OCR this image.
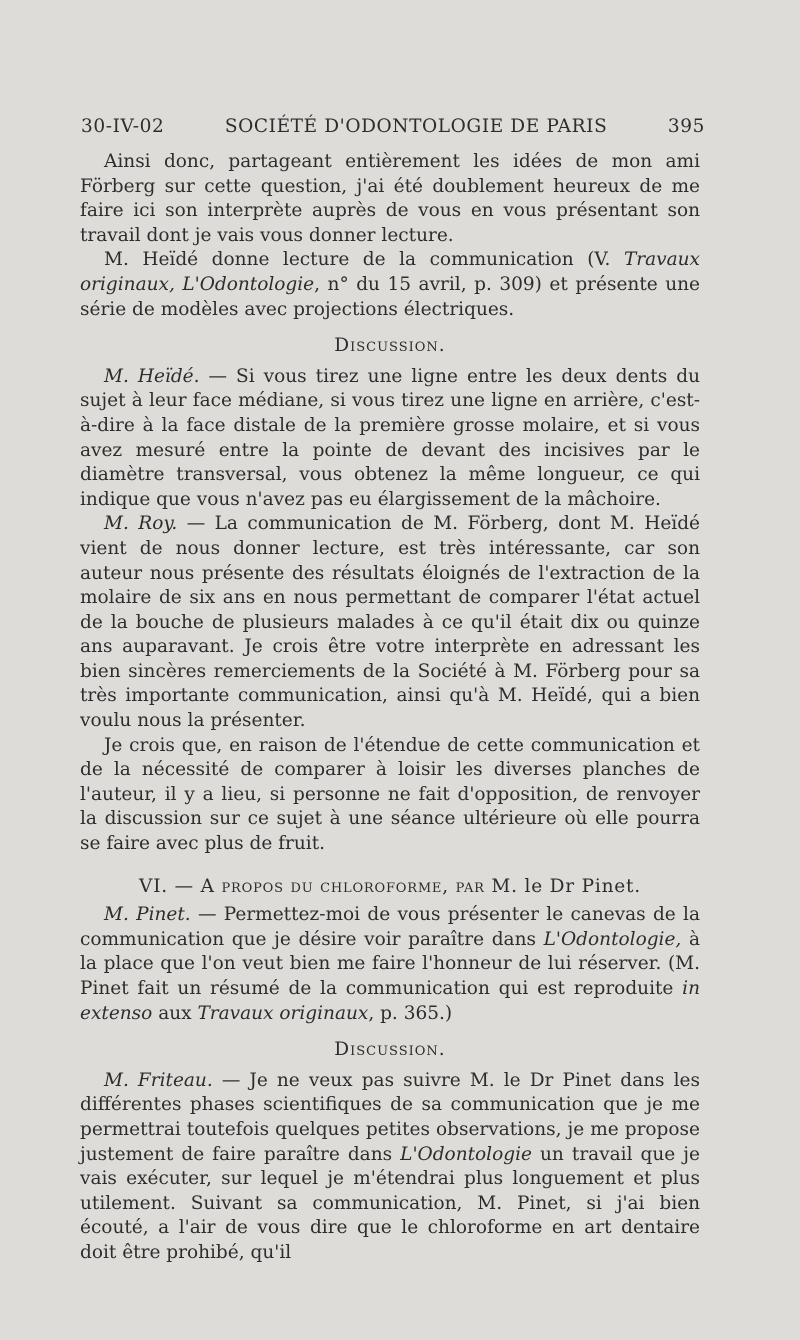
30-IV-02	SOCIÉTÉ D'ODONTOLOGIE DE PARIS	395

Ainsi donc, partageant entièrement les idées de mon ami Förberg sur cette question, j'ai été doublement heureux de me faire ici son interprète auprès de vous en vous présentant son travail dont je vais vous donner lecture.

M. Heïdé donne lecture de la communication (V. Travaux originaux, L'Odontologie, n° du 15 avril, p. 309) et présente une série de modèles avec projections électriques.

Discussion.

M. Heïdé. — Si vous tirez une ligne entre les deux dents du sujet à leur face médiane, si vous tirez une ligne en arrière, c'est-à-dire à la face distale de la première grosse molaire, et si vous avez mesuré entre la pointe de devant des incisives par le diamètre transversal, vous obtenez la même longueur, ce qui indique que vous n'avez pas eu élargissement de la mâchoire.

M. Roy. — La communication de M. Förberg, dont M. Heïdé vient de nous donner lecture, est très intéressante, car son auteur nous présente des résultats éloignés de l'extraction de la molaire de six ans en nous permettant de comparer l'état actuel de la bouche de plusieurs malades à ce qu'il était dix ou quinze ans auparavant. Je crois être votre interprète en adressant les bien sincères remerciements de la Société à M. Förberg pour sa très importante communication, ainsi qu'à M. Heïdé, qui a bien voulu nous la présenter.

Je crois que, en raison de l'étendue de cette communication et de la nécessité de comparer à loisir les diverses planches de l'auteur, il y a lieu, si personne ne fait d'opposition, de renvoyer la discussion sur ce sujet à une séance ultérieure où elle pourra se faire avec plus de fruit.

VI. — A propos du chloroforme, par M. le Dr Pinet.

M. Pinet. — Permettez-moi de vous présenter le canevas de la communication que je désire voir paraître dans L'Odontologie, à la place que l'on veut bien me faire l'honneur de lui réserver. (M. Pinet fait un résumé de la communication qui est reproduite in extenso aux Travaux originaux, p. 365.)

Discussion.

M. Friteau. — Je ne veux pas suivre M. le Dr Pinet dans les différentes phases scientifiques de sa communication que je me permettrai toutefois quelques petites observations, je me propose justement de faire paraître dans L'Odontologie un travail que je vais exécuter, sur lequel je m'étendrai plus longuement et plus utilement. Suivant sa communication, M. Pinet, si j'ai bien écouté, a l'air de vous dire que le chloroforme en art dentaire doit être prohibé, qu'il
